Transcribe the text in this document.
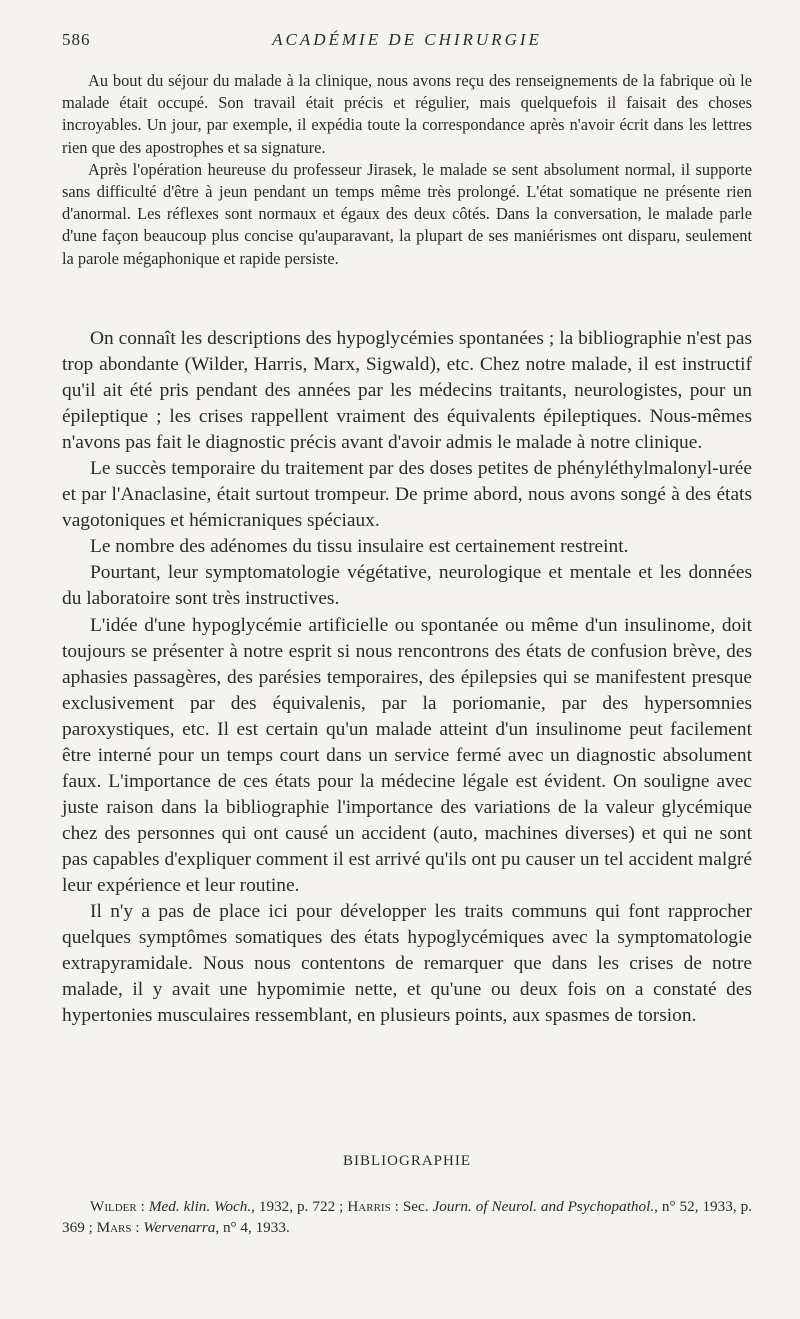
586	ACADÉMIE DE CHIRURGIE

Au bout du séjour du malade à la clinique, nous avons reçu des renseignements de la fabrique où le malade était occupé. Son travail était précis et régulier, mais quelquefois il faisait des choses incroyables. Un jour, par exemple, il expédia toute la correspondance après n'avoir écrit dans les lettres rien que des apostrophes et sa signature.

Après l'opération heureuse du professeur Jirasek, le malade se sent absolument normal, il supporte sans difficulté d'être à jeun pendant un temps même très prolongé. L'état somatique ne présente rien d'anormal. Les réflexes sont normaux et égaux des deux côtés. Dans la conversation, le malade parle d'une façon beaucoup plus concise qu'auparavant, la plupart de ses maniérismes ont disparu, seulement la parole mégaphonique et rapide persiste.

On connaît les descriptions des hypoglycémies spontanées ; la bibliographie n'est pas trop abondante (Wilder, Harris, Marx, Sigwald), etc. Chez notre malade, il est instructif qu'il ait été pris pendant des années par les médecins traitants, neurologistes, pour un épileptique ; les crises rappellent vraiment des équivalents épileptiques. Nous-mêmes n'avons pas fait le diagnostic précis avant d'avoir admis le malade à notre clinique.

Le succès temporaire du traitement par des doses petites de phényléthylmalonyl-urée et par l'Anaclasine, était surtout trompeur. De prime abord, nous avons songé à des états vagotoniques et hémicraniques spéciaux.

Le nombre des adénomes du tissu insulaire est certainement restreint.

Pourtant, leur symptomatologie végétative, neurologique et mentale et les données du laboratoire sont très instructives.

L'idée d'une hypoglycémie artificielle ou spontanée ou même d'un insulinome, doit toujours se présenter à notre esprit si nous rencontrons des états de confusion brève, des aphasies passagères, des parésies temporaires, des épilepsies qui se manifestent presque exclusivement par des équivalenis, par la poriomanie, par des hypersomnies paroxystiques, etc. Il est certain qu'un malade atteint d'un insulinome peut facilement être interné pour un temps court dans un service fermé avec un diagnostic absolument faux. L'importance de ces états pour la médecine légale est évident. On souligne avec juste raison dans la bibliographie l'importance des variations de la valeur glycémique chez des personnes qui ont causé un accident (auto, machines diverses) et qui ne sont pas capables d'expliquer comment il est arrivé qu'ils ont pu causer un tel accident malgré leur expérience et leur routine.

Il n'y a pas de place ici pour développer les traits communs qui font rapprocher quelques symptômes somatiques des états hypoglycémiques avec la symptomatologie extrapyramidale. Nous nous contentons de remarquer que dans les crises de notre malade, il y avait une hypomimie nette, et qu'une ou deux fois on a constaté des hypertonies musculaires ressemblant, en plusieurs points, aux spasmes de torsion.

BIBLIOGRAPHIE
Wilder : Med. klin. Woch., 1932, p. 722 ; Harris : Sec. Journ. of Neurol. and Psychopathol., n° 52, 1933, p. 369 ; Mars : Wervenarra, n° 4, 1933.
